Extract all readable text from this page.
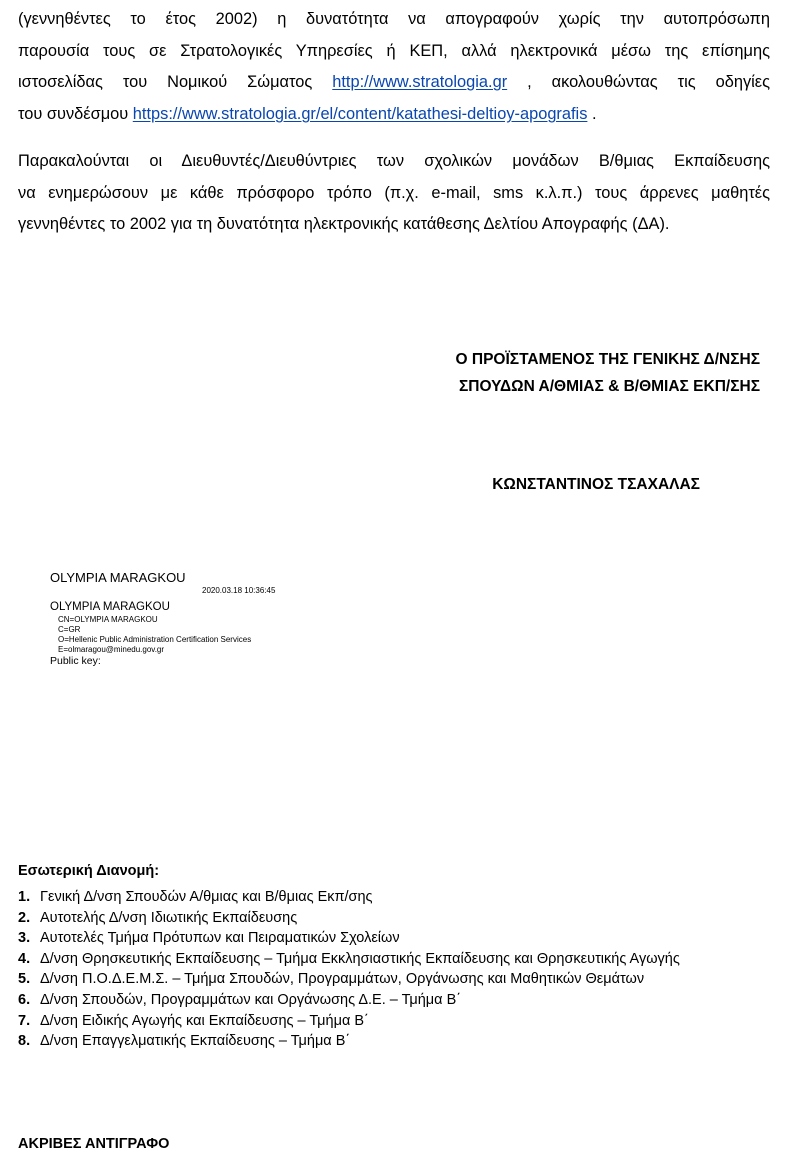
(γεννηθέντες το έτος 2002) η δυνατότητα να απογραφούν χωρίς την αυτοπρόσωπη
παρουσία τους σε Στρατολογικές Υπηρεσίες ή ΚΕΠ, αλλά ηλεκτρονικά μέσω της επίσημης
ιστοσελίδας του Νομικού Σώματος http://www.stratologia.gr , ακολουθώντας τις οδηγίες
του συνδέσμου https://www.stratologia.gr/el/content/katathesi-deltioy-apografis .
Παρακαλούνται οι Διευθυντές/Διευθύντριες των σχολικών μονάδων Β/θμιας Εκπαίδευσης
να ενημερώσουν με κάθε πρόσφορο τρόπο (π.χ. e-mail, sms κ.λ.π.) τους άρρενες μαθητές
γεννηθέντες το 2002 για τη δυνατότητα ηλεκτρονικής κατάθεσης Δελτίου Απογραφής (ΔΑ).
Ο ΠΡΟΪΣΤΑΜΕΝΟΣ ΤΗΣ ΓΕΝΙΚΗΣ Δ/ΝΣΗΣ
ΣΠΟΥΔΩΝ Α/ΘΜΙΑΣ & Β/ΘΜΙΑΣ ΕΚΠ/ΣΗΣ
ΚΩΝΣΤΑΝΤΙΝΟΣ ΤΣΑΧΑΛΑΣ
OLYMPIA MARAGKOU
2020.03.18 10:36:45
OLYMPIA MARAGKOU
CN=OLYMPIA MARAGKOU
C=GR
O=Hellenic Public Administration Certification Services
E=olmaragou@minedu.gov.gr
Public key:
Εσωτερική Διανομή:
1. Γενική Δ/νση Σπουδών Α/θμιας και Β/θμιας Εκπ/σης
2. Αυτοτελής Δ/νση Ιδιωτικής Εκπαίδευσης
3. Αυτοτελές Τμήμα Πρότυπων και Πειραματικών Σχολείων
4. Δ/νση Θρησκευτικής Εκπαίδευσης – Τμήμα Εκκλησιαστικής Εκπαίδευσης και Θρησκευτικής Αγωγής
5. Δ/νση Π.Ο.Δ.Ε.Μ.Σ. – Τμήμα Σπουδών, Προγραμμάτων, Οργάνωσης και Μαθητικών Θεμάτων
6. Δ/νση Σπουδών, Προγραμμάτων και Οργάνωσης Δ.Ε. – Τμήμα Β΄
7. Δ/νση Ειδικής Αγωγής και Εκπαίδευσης – Τμήμα Β΄
8. Δ/νση Επαγγελματικής Εκπαίδευσης – Τμήμα Β΄
ΑΚΡΙΒΕΣ ΑΝΤΙΓΡΑΦΟ
